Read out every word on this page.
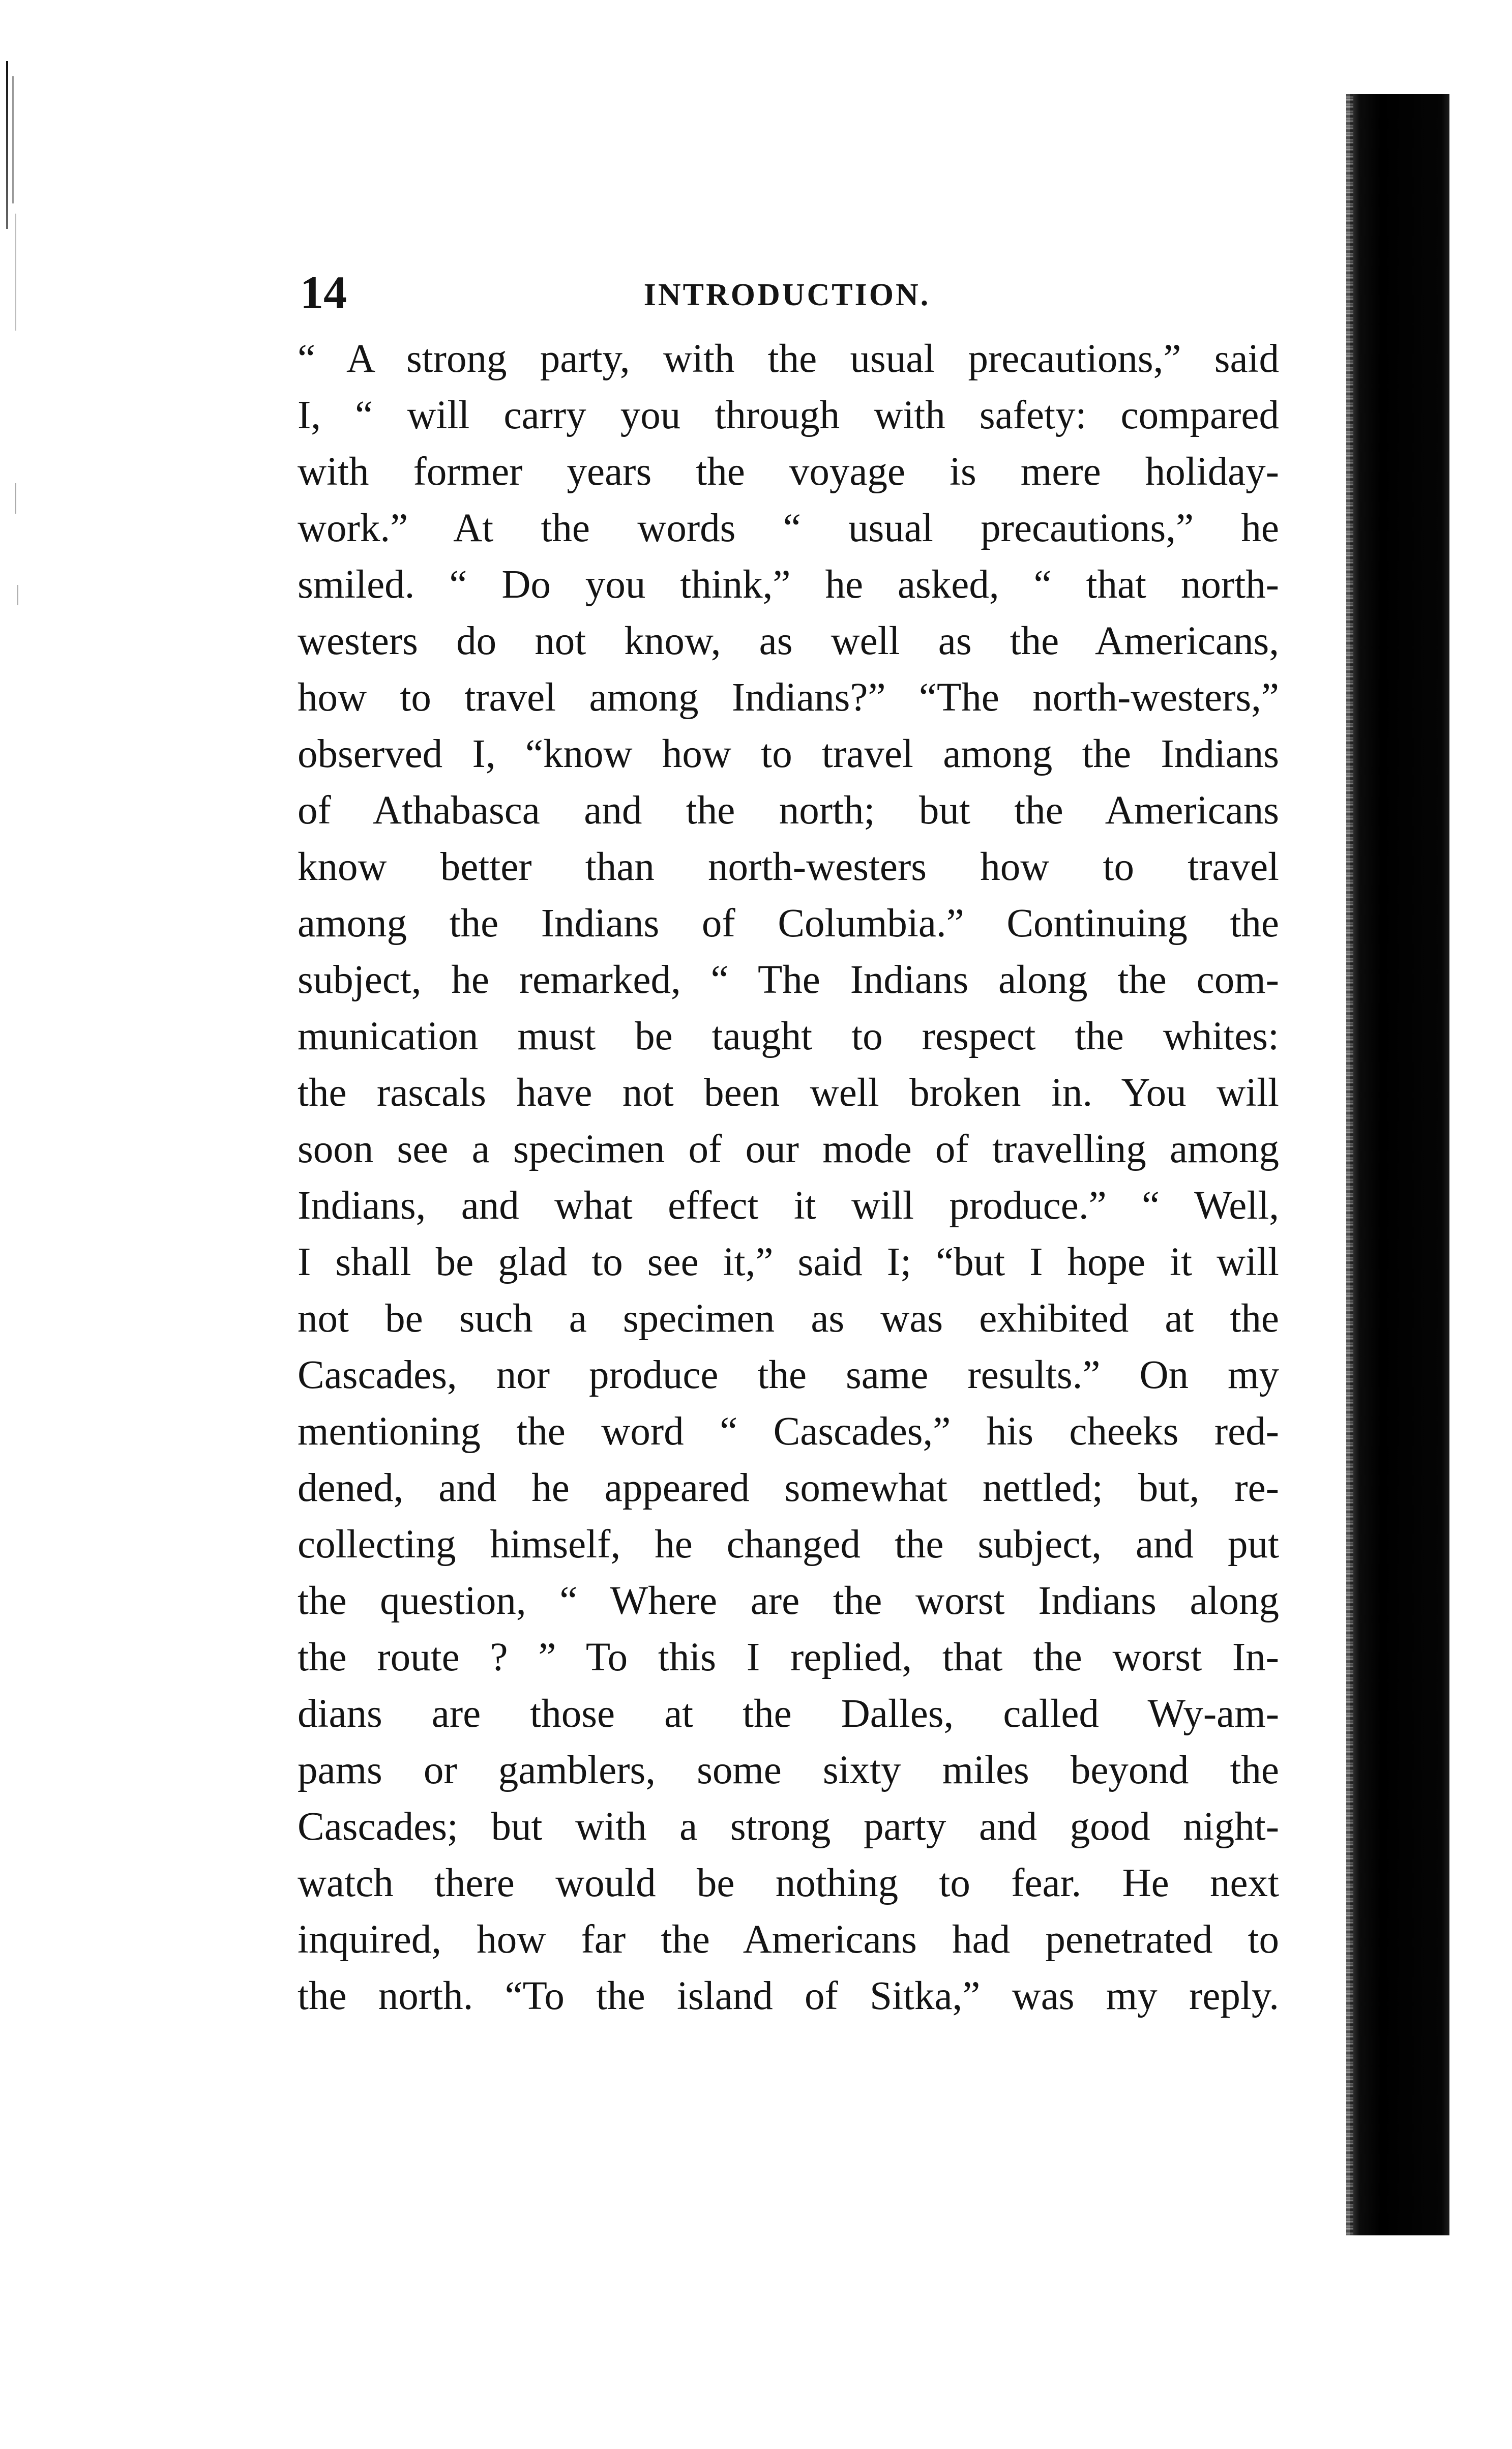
14	INTRODUCTION.
“ A strong party, with the usual precautions,” said
I, “ will carry you through with safety: compared
with former years the voyage is mere holiday-
work.” At the words “ usual precautions,” he
smiled. “ Do you think,” he asked, “ that north-
westers do not know, as well as the Americans,
how to travel among Indians?” “The north-westers,”
observed I, “know how to travel among the Indians
of Athabasca and the north; but the Americans
know better than north-westers how to travel
among the Indians of Columbia.” Continuing the
subject, he remarked, “ The Indians along the com-
munication must be taught to respect the whites:
the rascals have not been well broken in. You will
soon see a specimen of our mode of travelling among
Indians, and what effect it will produce.” “ Well,
I shall be glad to see it,” said I; “but I hope it will
not be such a specimen as was exhibited at the
Cascades, nor produce the same results.” On my
mentioning the word “ Cascades,” his cheeks red-
dened, and he appeared somewhat nettled; but, re-
collecting himself, he changed the subject, and put
the question, “ Where are the worst Indians along
the route ? ” To this I replied, that the worst In-
dians are those at the Dalles, called Wy-am-
pams or gamblers, some sixty miles beyond the
Cascades; but with a strong party and good night-
watch there would be nothing to fear. He next
inquired, how far the Americans had penetrated to
the north. “To the island of Sitka,” was my reply.
